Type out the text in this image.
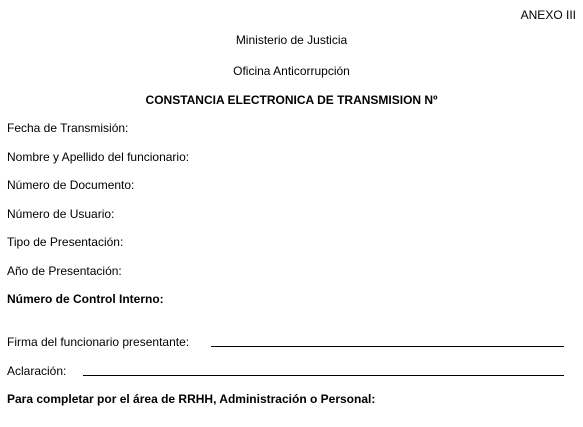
ANEXO III
Ministerio de Justicia
Oficina Anticorrupción
CONSTANCIA ELECTRONICA DE TRANSMISION Nº
Fecha de Transmisión:
Nombre y Apellido del funcionario:
Número de Documento:
Número de Usuario:
Tipo de Presentación:
Año de Presentación:
Número de Control Interno:
Firma del funcionario presentante:
Aclaración:
Para completar por el área de RRHH, Administración o Personal:
